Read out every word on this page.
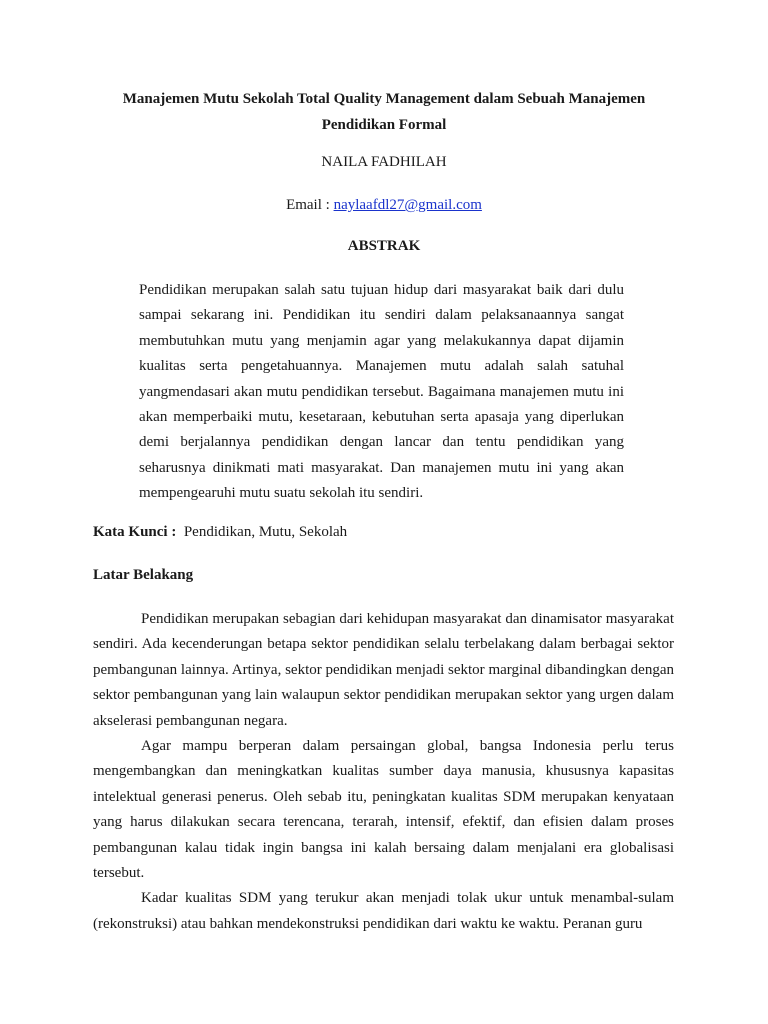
Manajemen Mutu Sekolah Total Quality Management dalam Sebuah Manajemen Pendidikan Formal
NAILA FADHILAH
Email : naylaafdl27@gmail.com
ABSTRAK
Pendidikan merupakan salah satu tujuan hidup dari masyarakat baik dari dulu sampai sekarang ini. Pendidikan itu sendiri dalam pelaksanaannya sangat membutuhkan mutu yang menjamin agar yang melakukannya dapat dijamin kualitas serta pengetahuannya. Manajemen mutu adalah salah satuhal yangmendasari akan mutu pendidikan tersebut. Bagaimana manajemen mutu ini akan memperbaiki mutu, kesetaraan, kebutuhan serta apasaja yang diperlukan demi berjalannya pendidikan dengan lancar dan tentu pendidikan yang seharusnya dinikmati mati masyarakat. Dan manajemen mutu ini yang akan mempengearuhi mutu suatu sekolah itu sendiri.
Kata Kunci : Pendidikan, Mutu, Sekolah
Latar Belakang

Pendidikan merupakan sebagian dari kehidupan masyarakat dan dinamisator masyarakat sendiri. Ada kecenderungan betapa sektor pendidikan selalu terbelakang dalam berbagai sektor pembangunan lainnya. Artinya, sektor pendidikan menjadi sektor marginal dibandingkan dengan sektor pembangunan yang lain walaupun sektor pendidikan merupakan sektor yang urgen dalam akselerasi pembangunan negara.

Agar mampu berperan dalam persaingan global, bangsa Indonesia perlu terus mengembangkan dan meningkatkan kualitas sumber daya manusia, khususnya kapasitas intelektual generasi penerus. Oleh sebab itu, peningkatan kualitas SDM merupakan kenyataan yang harus dilakukan secara terencana, terarah, intensif, efektif, dan efisien dalam proses pembangunan kalau tidak ingin bangsa ini kalah bersaing dalam menjalani era globalisasi tersebut.

Kadar kualitas SDM yang terukur akan menjadi tolak ukur untuk menambal-sulam (rekonstruksi) atau bahkan mendekonstruksi pendidikan dari waktu ke waktu. Peranan guru
